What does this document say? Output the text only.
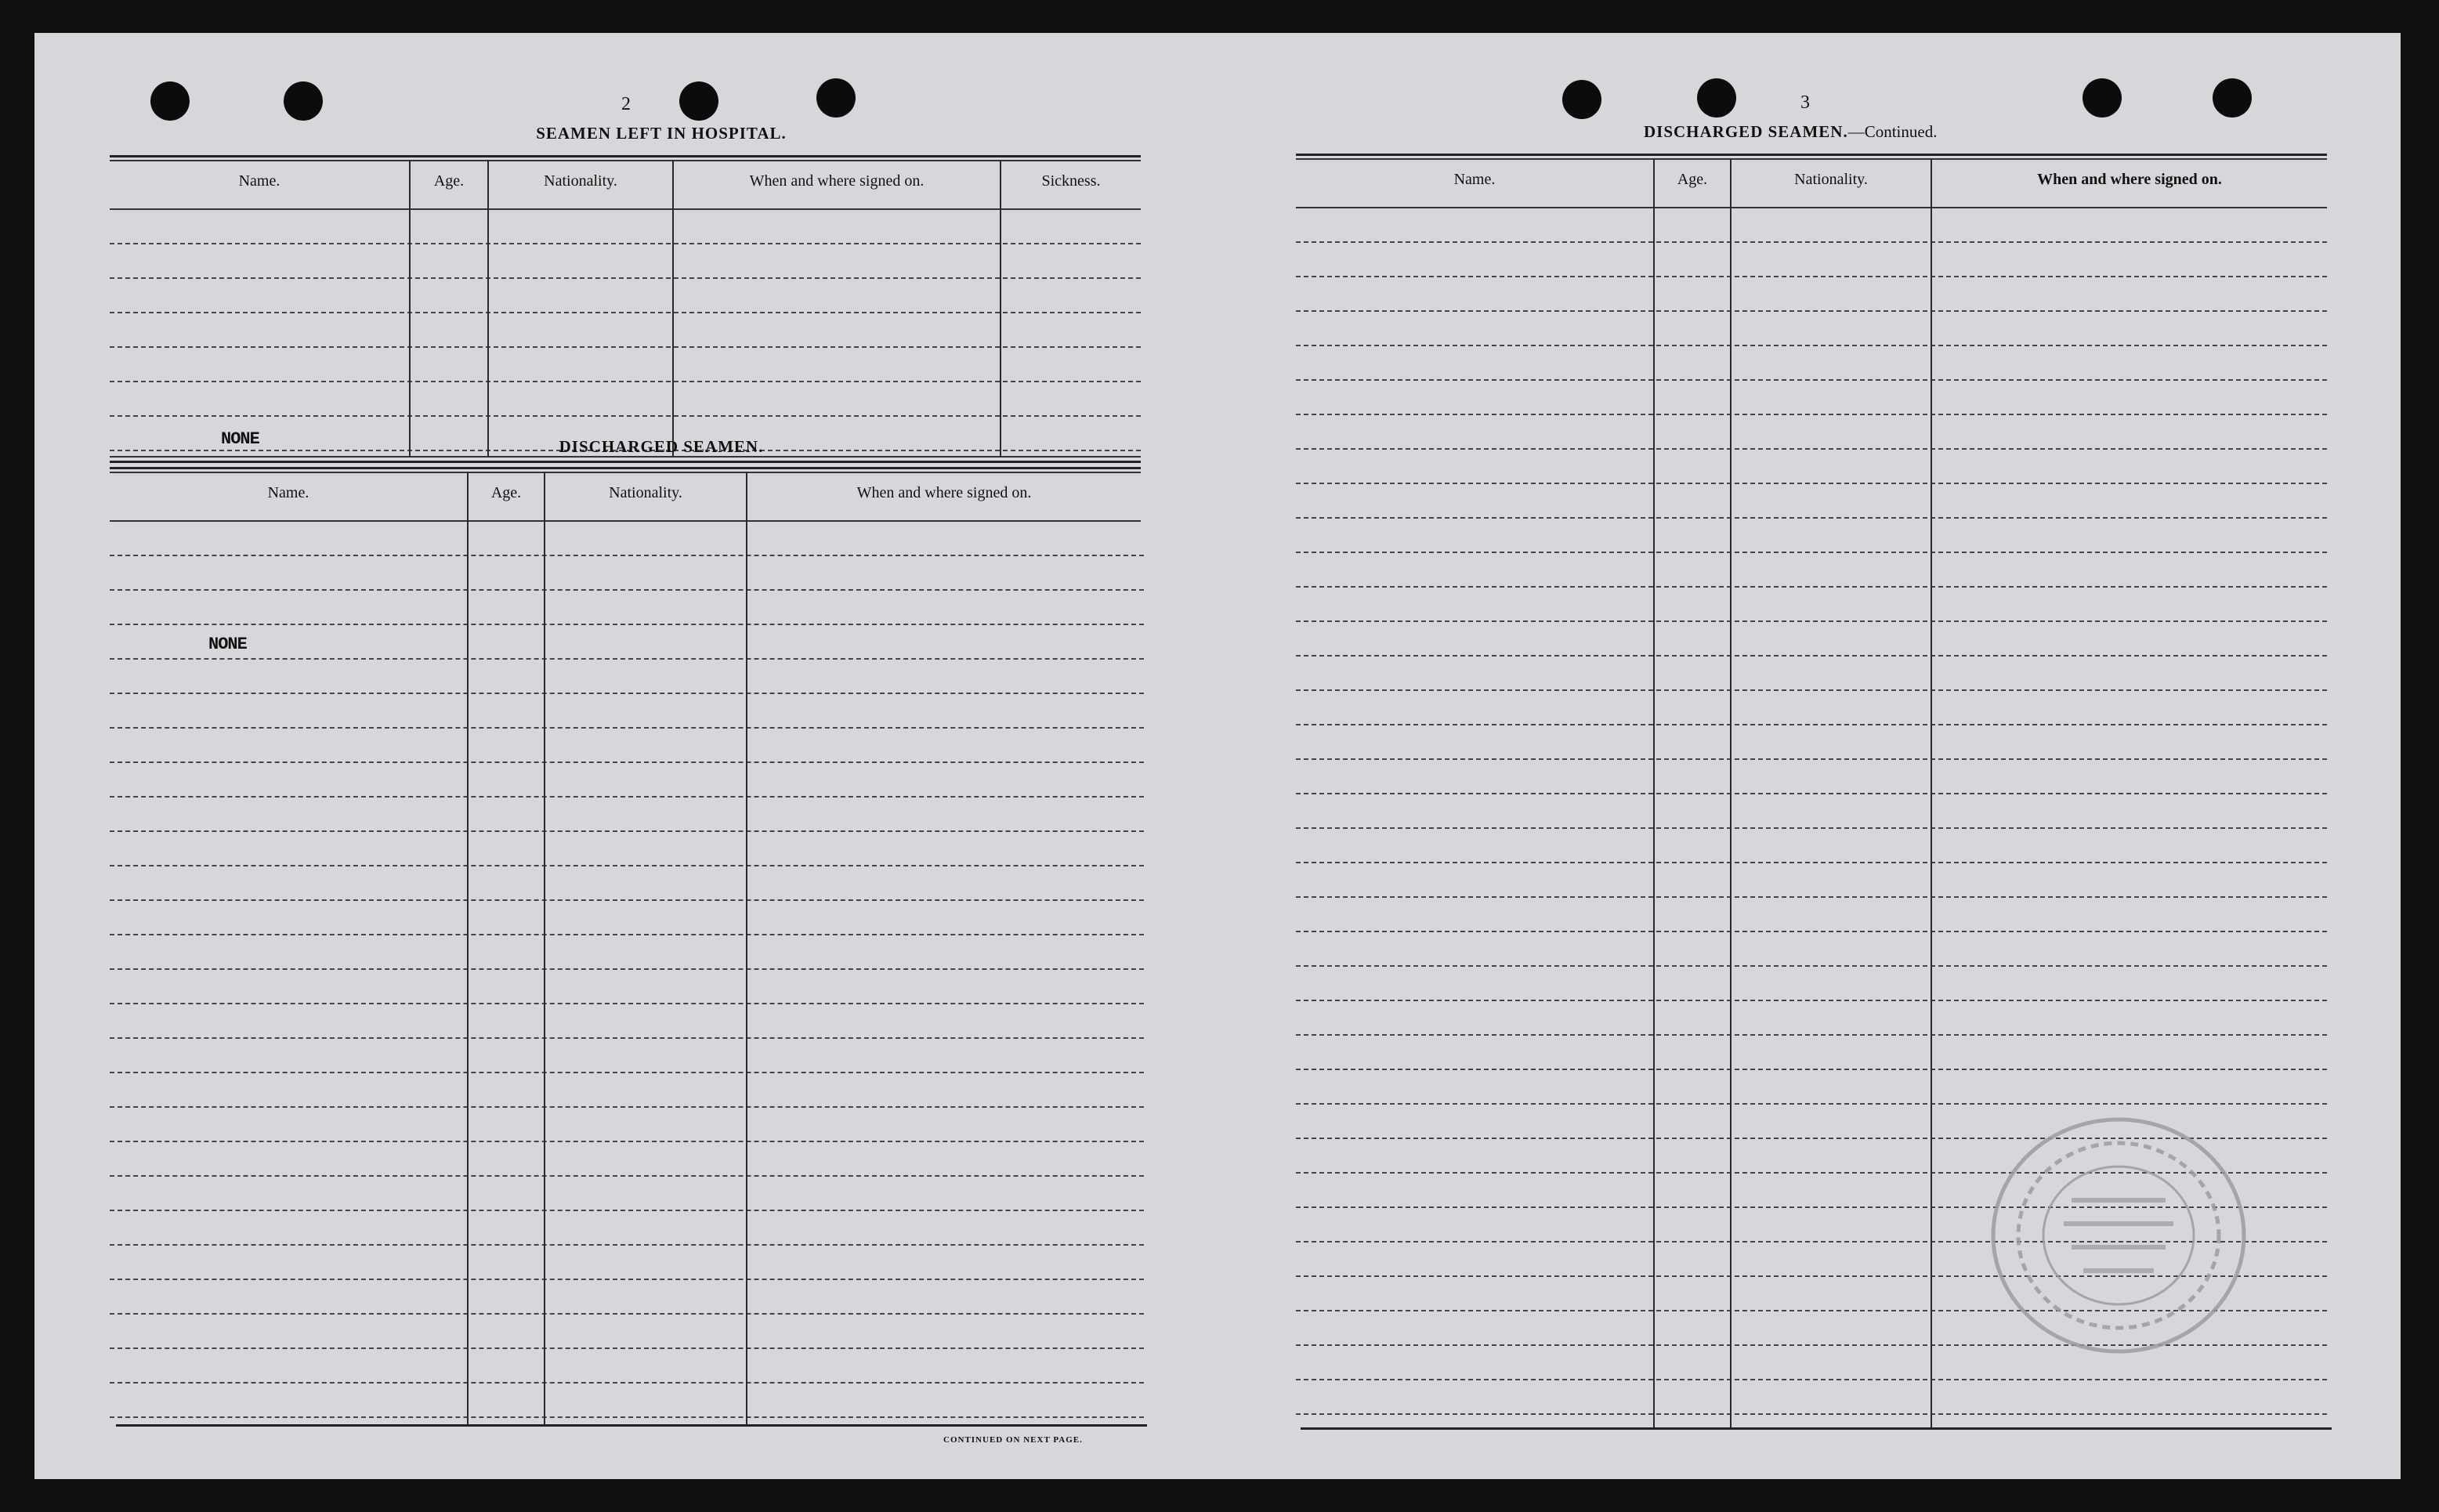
2
SEAMEN LEFT IN HOSPITAL.
Name.	Age.	Nationality.	When and where signed on.	Sickness.
NONE	DISCHARGED SEAMEN.
Name.	Age.	Nationality.	When and where signed on.
NONE
CONTINUED ON NEXT PAGE.
3
DISCHARGED SEAMEN.—Continued.
Name.	Age.	Nationality.	When and where signed on.
